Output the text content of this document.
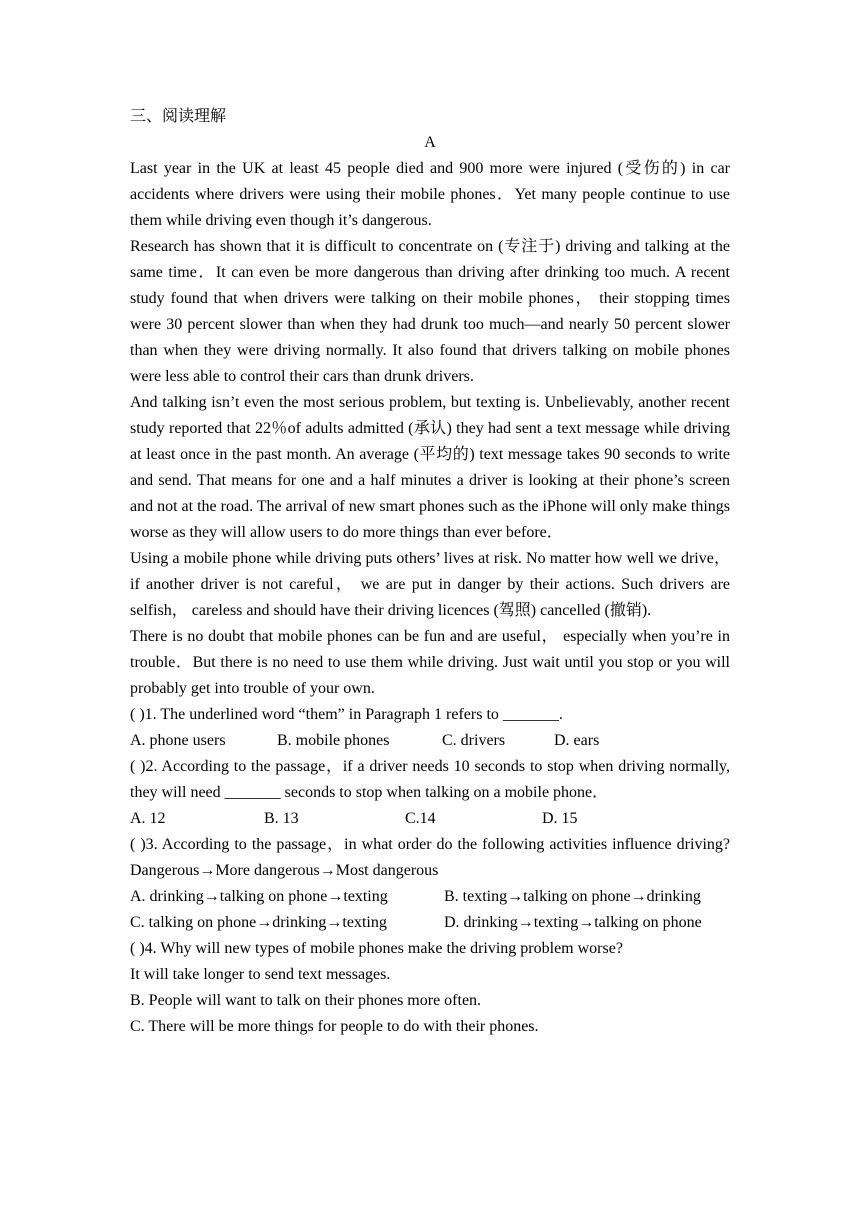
三、阅读理解

A

Last year in the UK at least 45 people died and 900 more were injured (受伤的) in car accidents where drivers were using their mobile phones．Yet many people continue to use them while driving even though it’s dangerous.

Research has shown that it is difficult to concentrate on (专注于) driving and talking at the same time．It can even be more dangerous than driving after drinking too much. A recent study found that when drivers were talking on their mobile phones， their stopping times were 30 percent slower than when they had drunk too much—and nearly 50 percent slower than when they were driving normally. It also found that drivers talking on mobile phones were less able to control their cars than drunk drivers.

And talking isn’t even the most serious problem, but texting is. Unbelievably, another recent study reported that 22％of adults admitted (承认) they had sent a text message while driving at least once in the past month. An average (平均的) text message takes 90 seconds to write and send. That means for one and a half minutes a driver is looking at their phone’s screen and not at the road. The arrival of new smart phones such as the iPhone will only make things worse as they will allow users to do more things than ever before．

Using a mobile phone while driving puts others’ lives at risk. No matter how well we drive， if another driver is not careful， we are put in danger by their actions. Such drivers are selfish， careless and should have their driving licences (驾照) cancelled (撤销).

There is no doubt that mobile phones can be fun and are useful， especially when you’re in trouble．But there is no need to use them while driving. Just wait until you stop or you will probably get into trouble of your own.

( )1. The underlined word “them” in Paragraph 1 refers to _______.

A. phone users	B. mobile phones	C. drivers	D. ears

( )2. According to the passage，if a driver needs 10 seconds to stop when driving normally, they will need _______ seconds to stop when talking on a mobile phone．

A. 12	B. 13	C.14	D. 15

( )3. According to the passage，in what order do the following activities influence driving? Dangerous→More dangerous→Most dangerous

A. drinking→talking on phone→texting	B. texting→talking on phone→drinking
C. talking on phone→drinking→texting	D. drinking→texting→talking on phone

( )4. Why will new types of mobile phones make the driving problem worse?

It will take longer to send text messages.

B. People will want to talk on their phones more often.

C. There will be more things for people to do with their phones.
